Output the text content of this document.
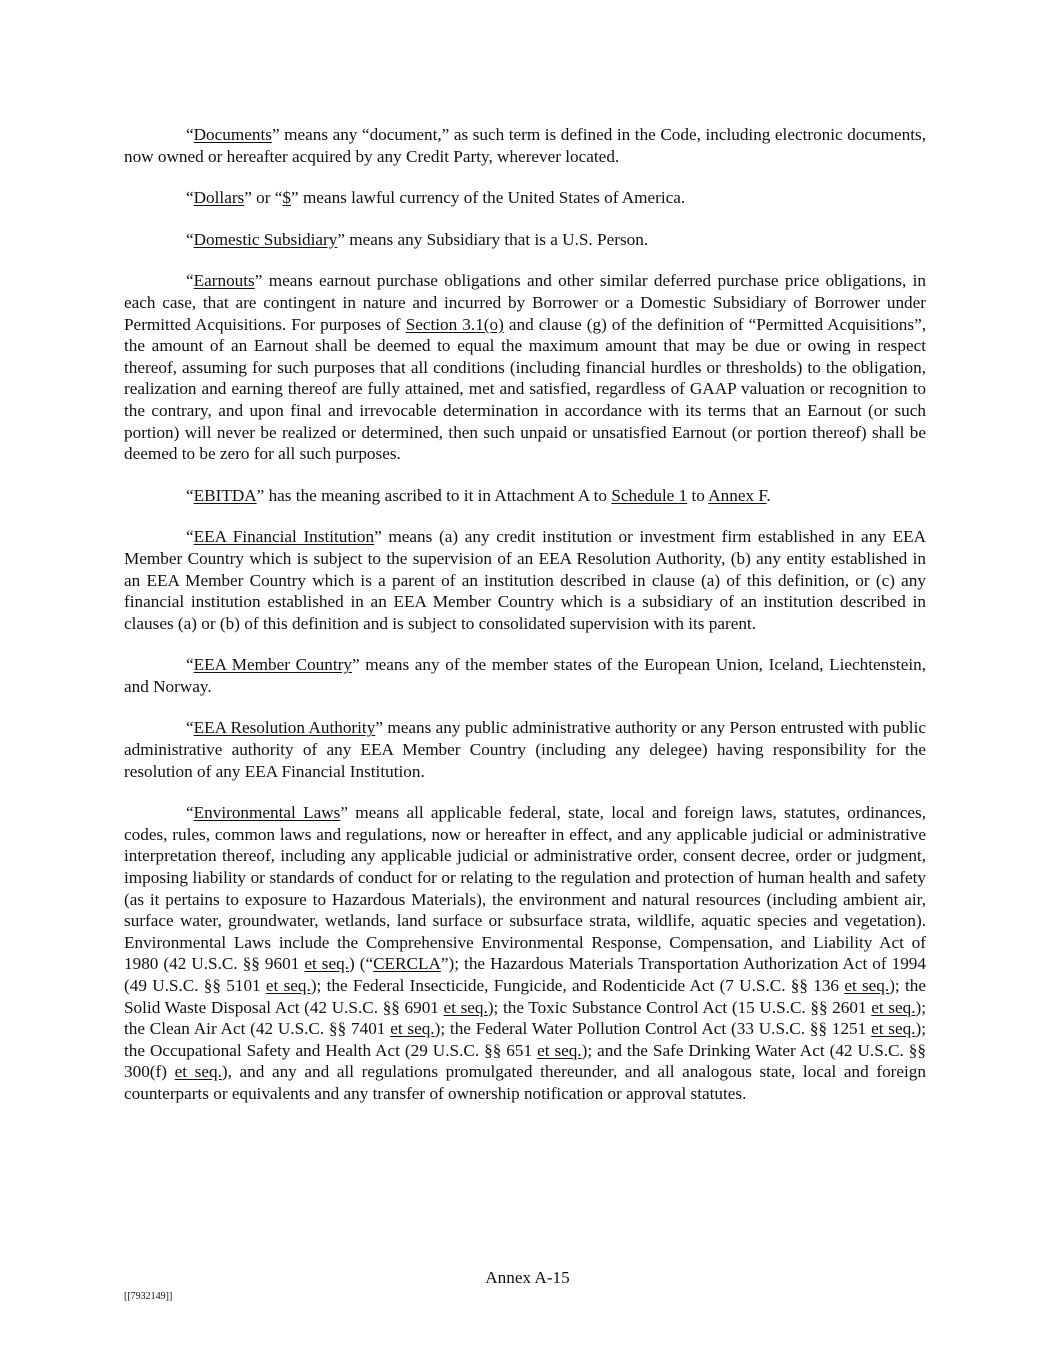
“Documents” means any “document,” as such term is defined in the Code, including electronic documents, now owned or hereafter acquired by any Credit Party, wherever located.

“Dollars” or “$” means lawful currency of the United States of America.

“Domestic Subsidiary” means any Subsidiary that is a U.S. Person.

“Earnouts” means earnout purchase obligations and other similar deferred purchase price obligations, in each case, that are contingent in nature and incurred by Borrower or a Domestic Subsidiary of Borrower under Permitted Acquisitions. For purposes of Section 3.1(o) and clause (g) of the definition of “Permitted Acquisitions”, the amount of an Earnout shall be deemed to equal the maximum amount that may be due or owing in respect thereof, assuming for such purposes that all conditions (including financial hurdles or thresholds) to the obligation, realization and earning thereof are fully attained, met and satisfied, regardless of GAAP valuation or recognition to the contrary, and upon final and irrevocable determination in accordance with its terms that an Earnout (or such portion) will never be realized or determined, then such unpaid or unsatisfied Earnout (or portion thereof) shall be deemed to be zero for all such purposes.

“EBITDA” has the meaning ascribed to it in Attachment A to Schedule 1 to Annex F.

“EEA Financial Institution” means (a) any credit institution or investment firm established in any EEA Member Country which is subject to the supervision of an EEA Resolution Authority, (b) any entity established in an EEA Member Country which is a parent of an institution described in clause (a) of this definition, or (c) any financial institution established in an EEA Member Country which is a subsidiary of an institution described in clauses (a) or (b) of this definition and is subject to consolidated supervision with its parent.

“EEA Member Country” means any of the member states of the European Union, Iceland, Liechtenstein, and Norway.

“EEA Resolution Authority” means any public administrative authority or any Person entrusted with public administrative authority of any EEA Member Country (including any delegee) having responsibility for the resolution of any EEA Financial Institution.

“Environmental Laws” means all applicable federal, state, local and foreign laws, statutes, ordinances, codes, rules, common laws and regulations, now or hereafter in effect, and any applicable judicial or administrative interpretation thereof, including any applicable judicial or administrative order, consent decree, order or judgment, imposing liability or standards of conduct for or relating to the regulation and protection of human health and safety (as it pertains to exposure to Hazardous Materials), the environment and natural resources (including ambient air, surface water, groundwater, wetlands, land surface or subsurface strata, wildlife, aquatic species and vegetation). Environmental Laws include the Comprehensive Environmental Response, Compensation, and Liability Act of 1980 (42 U.S.C. §§ 9601 et seq.) (“CERCLA”); the Hazardous Materials Transportation Authorization Act of 1994 (49 U.S.C. §§ 5101 et seq.); the Federal Insecticide, Fungicide, and Rodenticide Act (7 U.S.C. §§ 136 et seq.); the Solid Waste Disposal Act (42 U.S.C. §§ 6901 et seq.); the Toxic Substance Control Act (15 U.S.C. §§ 2601 et seq.); the Clean Air Act (42 U.S.C. §§ 7401 et seq.); the Federal Water Pollution Control Act (33 U.S.C. §§ 1251 et seq.); the Occupational Safety and Health Act (29 U.S.C. §§ 651 et seq.); and the Safe Drinking Water Act (42 U.S.C. §§ 300(f) et seq.), and any and all regulations promulgated thereunder, and all analogous state, local and foreign counterparts or equivalents and any transfer of ownership notification or approval statutes.

Annex A-15
[[7932149]]
